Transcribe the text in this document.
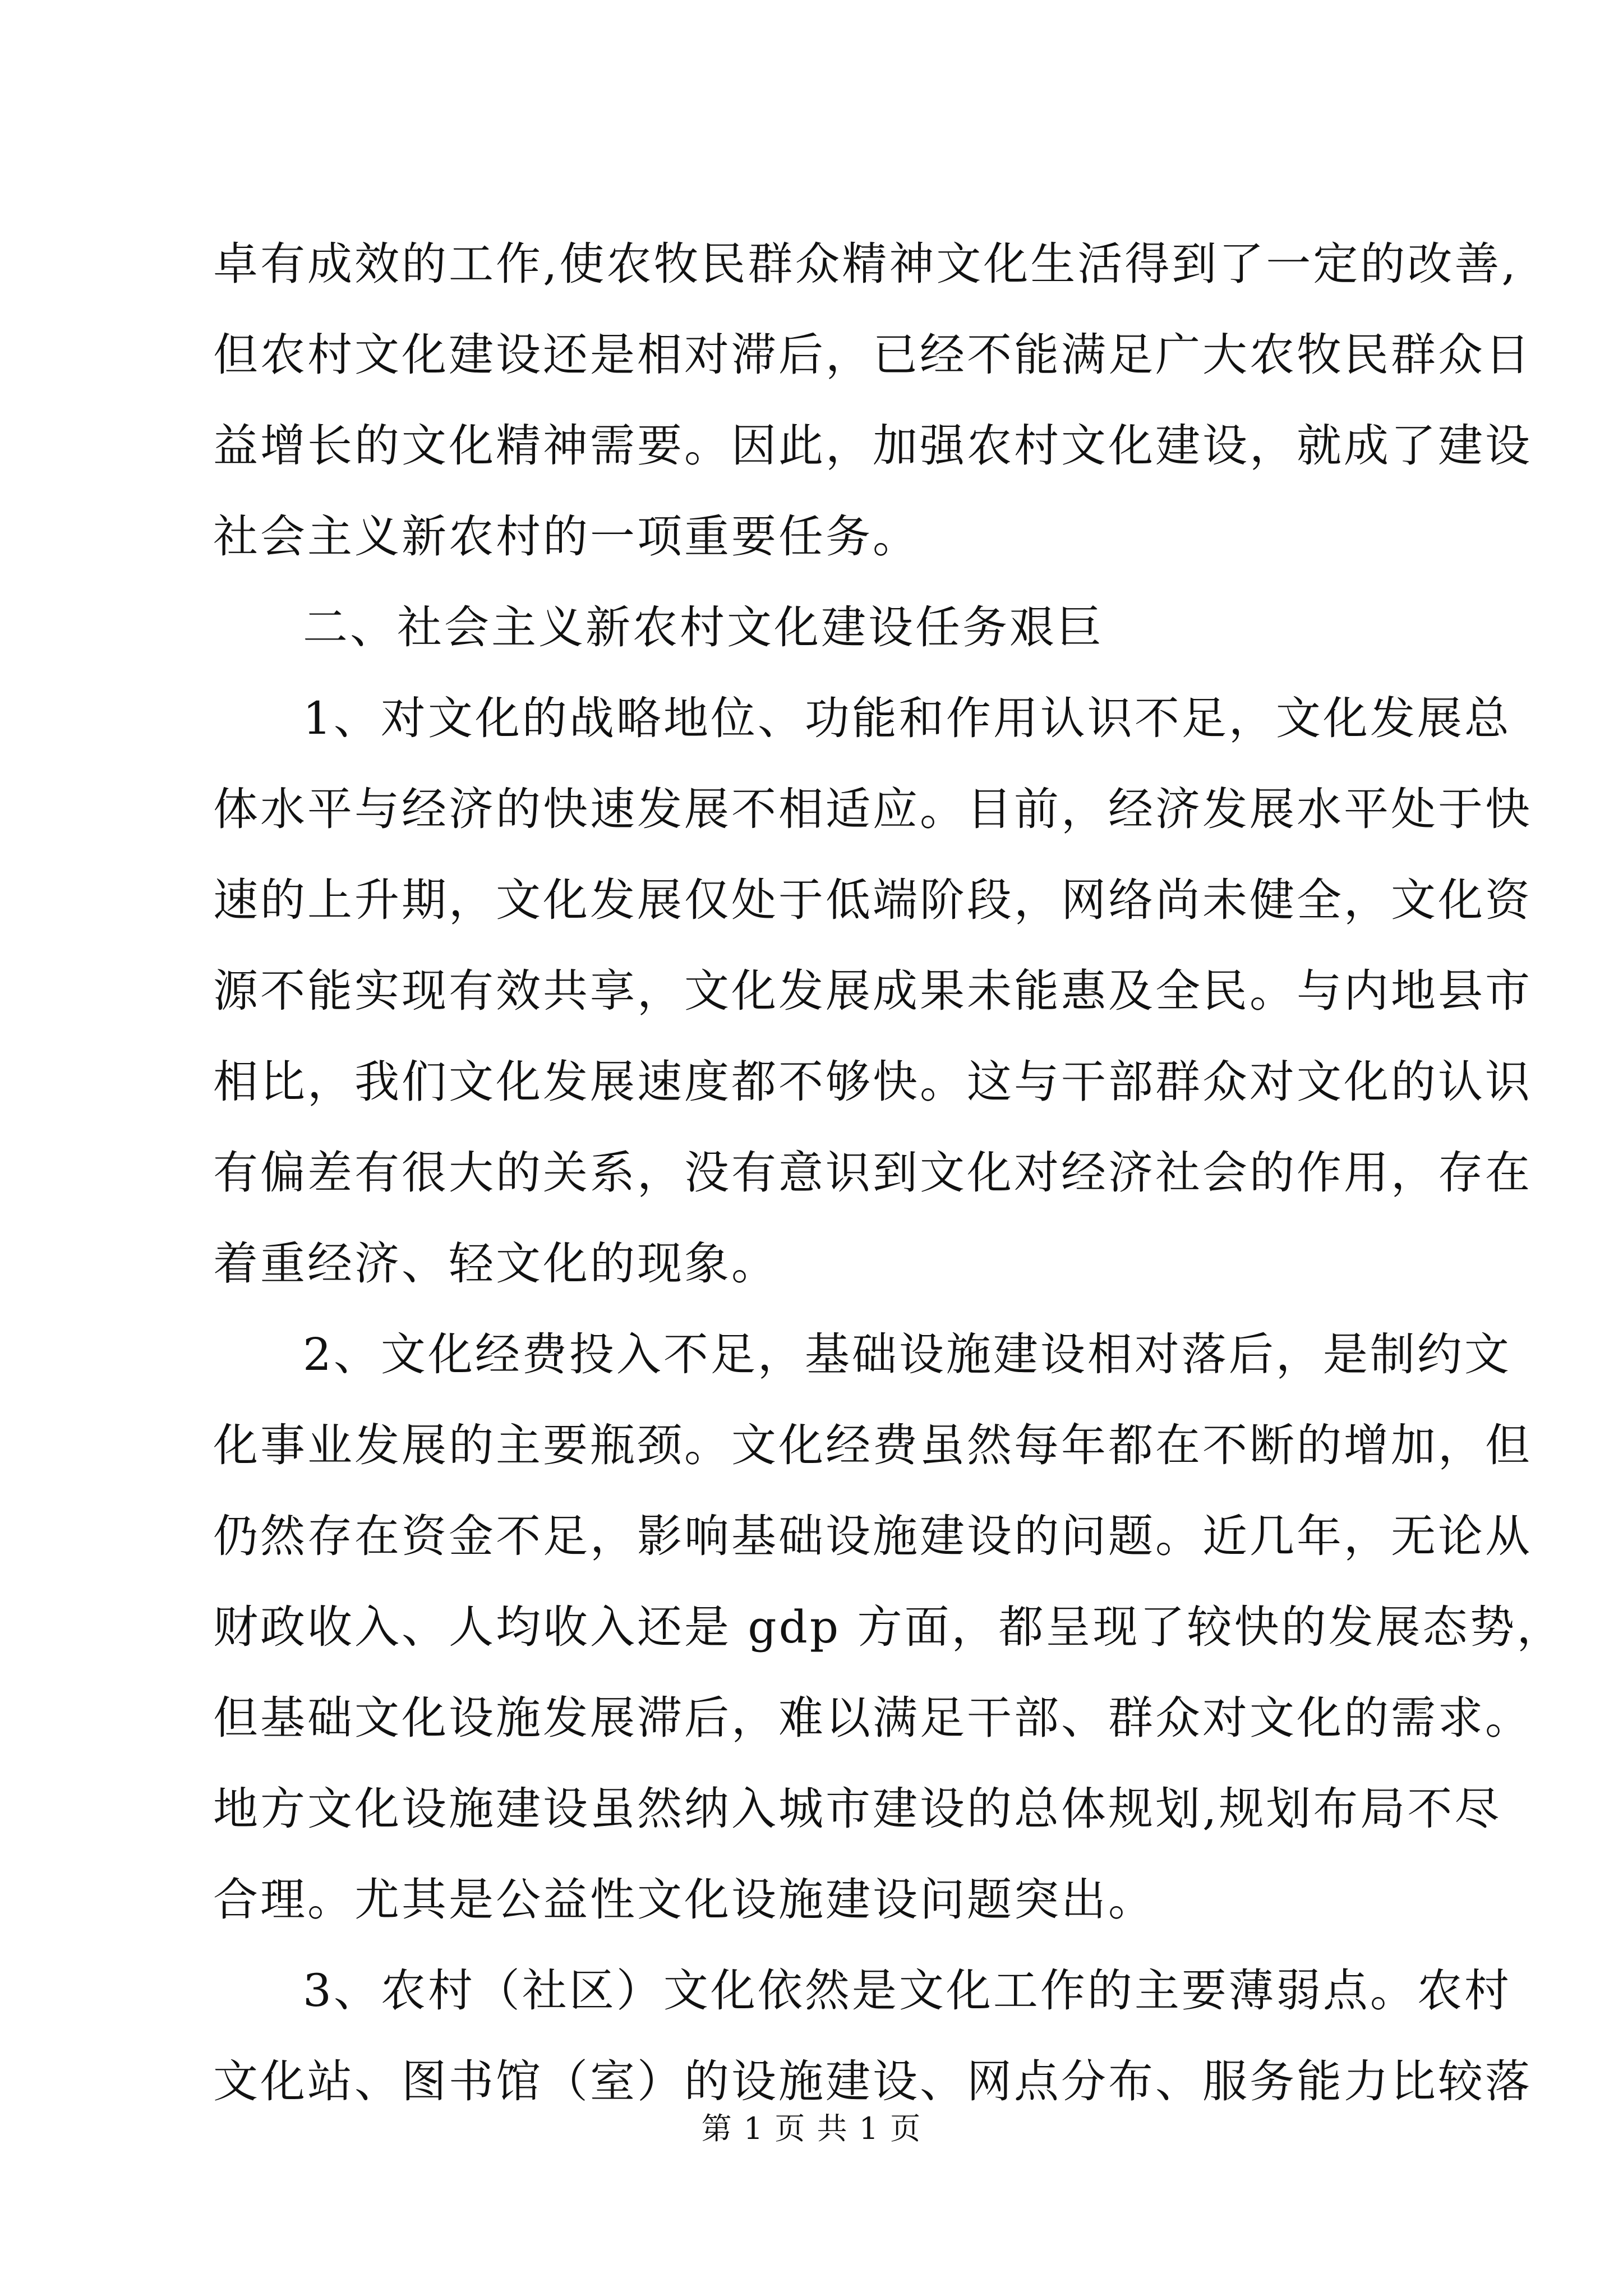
卓有成效的工作,使农牧民群众精神文化生活得到了一定的改善,
但农村文化建设还是相对滞后，已经不能满足广大农牧民群众日
益增长的文化精神需要。因此，加强农村文化建设，就成了建设
社会主义新农村的一项重要任务。
二、社会主义新农村文化建设任务艰巨
1、对文化的战略地位、功能和作用认识不足，文化发展总
体水平与经济的快速发展不相适应。目前，经济发展水平处于快
速的上升期，文化发展仅处于低端阶段，网络尚未健全，文化资
源不能实现有效共享，文化发展成果未能惠及全民。与内地县市
相比，我们文化发展速度都不够快。这与干部群众对文化的认识
有偏差有很大的关系，没有意识到文化对经济社会的作用，存在
着重经济、轻文化的现象。
2、文化经费投入不足，基础设施建设相对落后，是制约文
化事业发展的主要瓶颈。文化经费虽然每年都在不断的增加，但
仍然存在资金不足，影响基础设施建设的问题。近几年，无论从
财政收入、人均收入还是 gdp 方面，都呈现了较快的发展态势，
但基础文化设施发展滞后，难以满足干部、群众对文化的需求。
地方文化设施建设虽然纳入城市建设的总体规划,规划布局不尽
合理。尤其是公益性文化设施建设问题突出。
3、农村（社区）文化依然是文化工作的主要薄弱点。农村
文化站、图书馆（室）的设施建设、网点分布、服务能力比较落
第 1 页 共 1 页
